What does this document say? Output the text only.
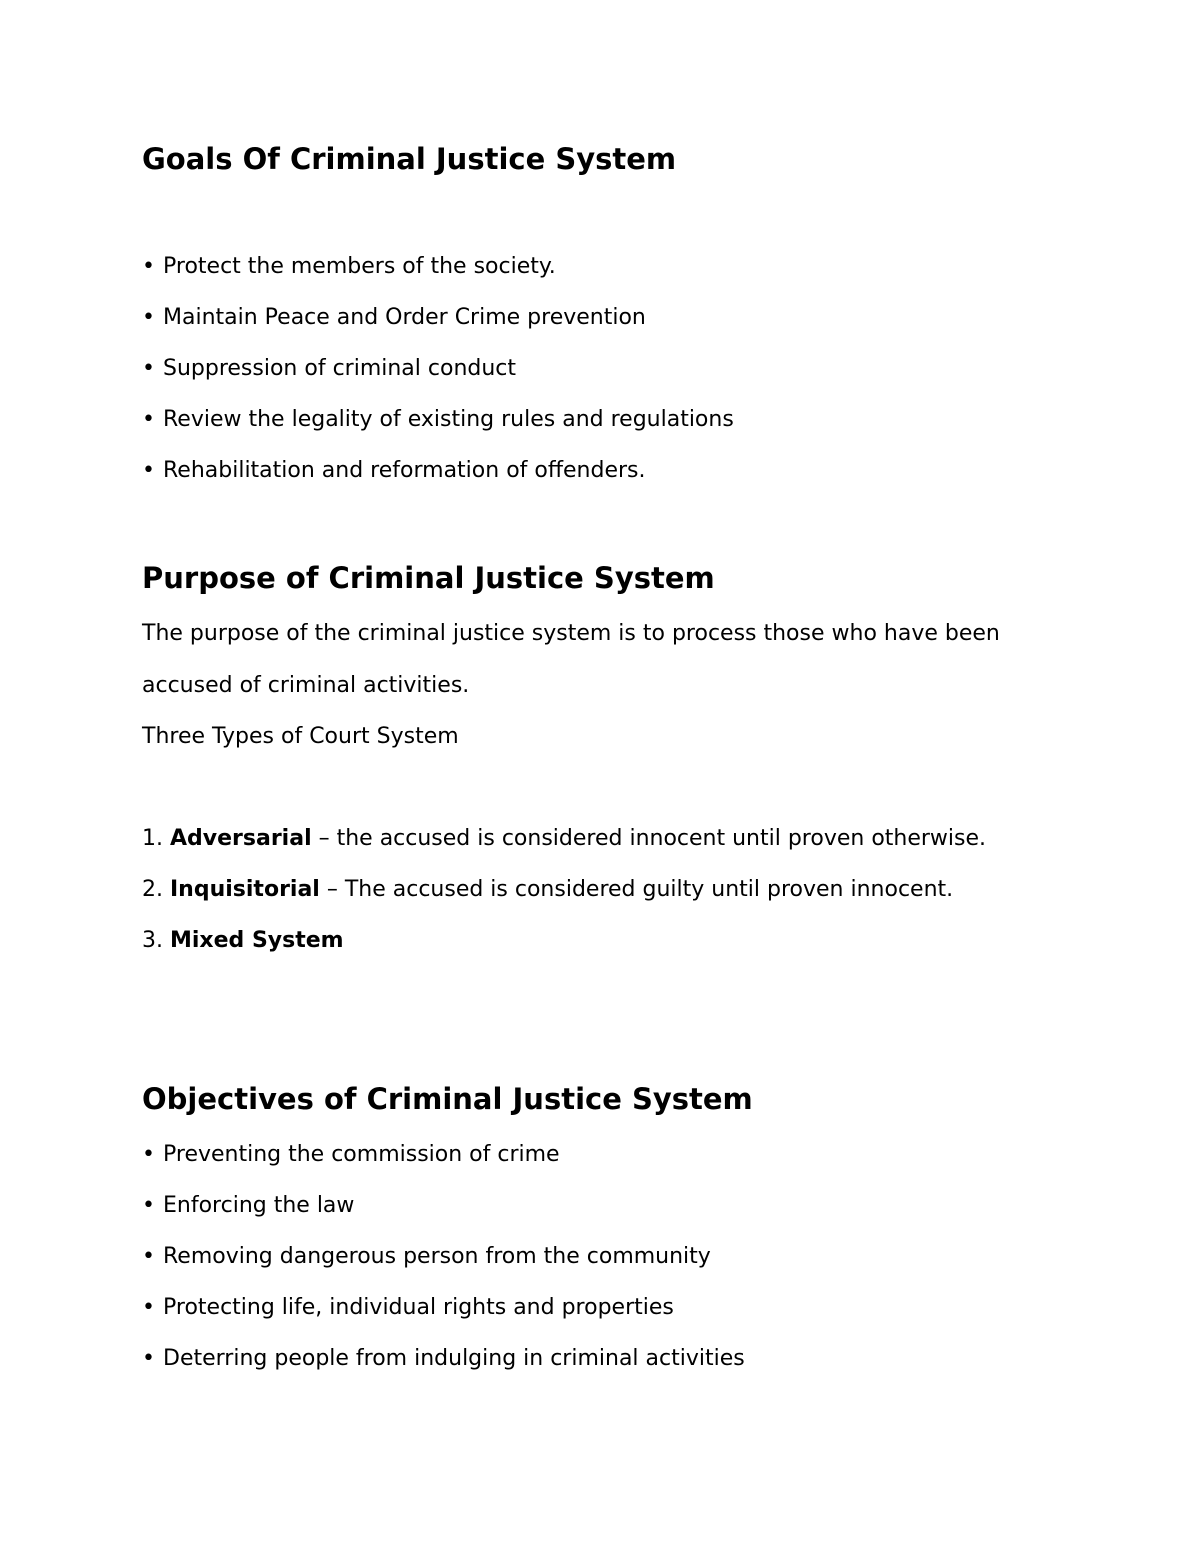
Goals Of Criminal Justice System

• Protect the members of the society.

• Maintain Peace and Order Crime prevention

• Suppression of criminal conduct

• Review the legality of existing rules and regulations

• Rehabilitation and reformation of offenders.

Purpose of Criminal Justice System

The purpose of the criminal justice system is to process those who have been

accused of criminal activities.

Three Types of Court System

1. Adversarial – the accused is considered innocent until proven otherwise.

2. Inquisitorial – The accused is considered guilty until proven innocent.

3. Mixed System

Objectives of Criminal Justice System

• Preventing the commission of crime

• Enforcing the law

• Removing dangerous person from the community

• Protecting life, individual rights and properties

• Deterring people from indulging in criminal activities
